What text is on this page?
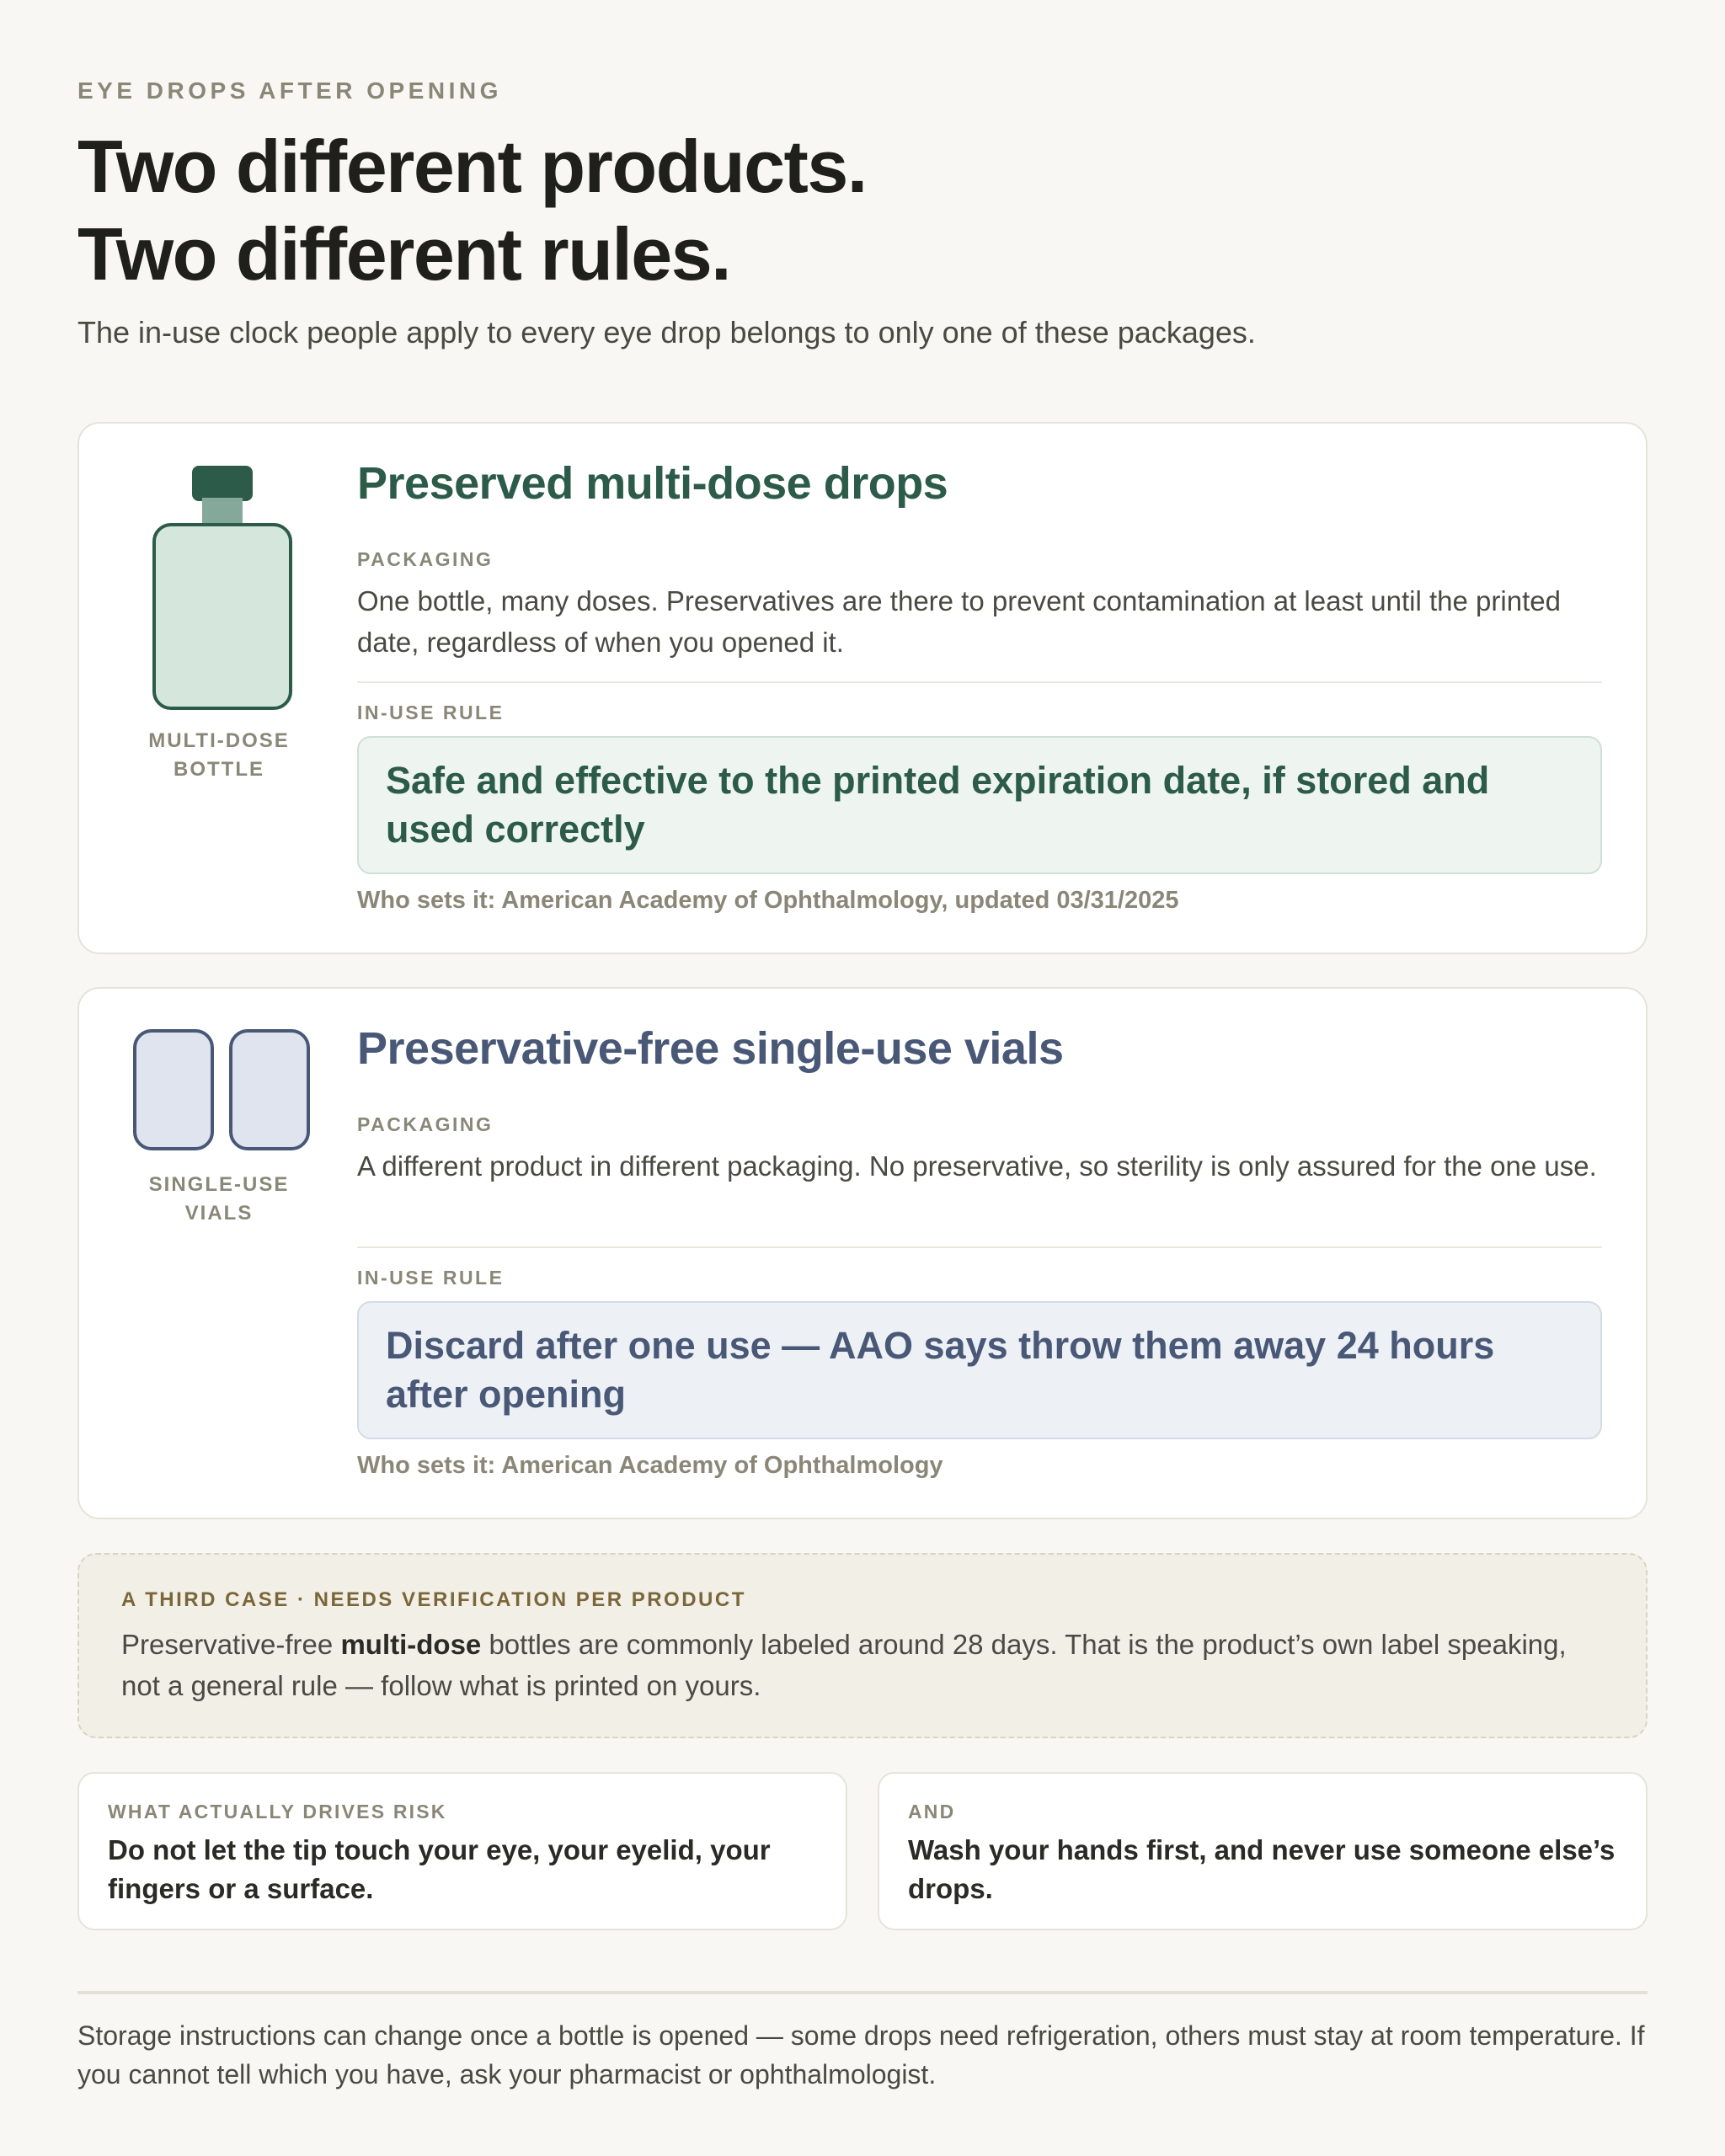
EYE DROPS AFTER OPENING
Two different products.
Two different rules.

The in-use clock people apply to every eye drop belongs to only one of these packages.

MULTI-DOSE
BOTTLE
Preserved multi-dose drops
PACKAGING

One bottle, many doses. Preservatives are there to prevent contamination at least until the printed date, regardless of when you opened it.

IN-USE RULE
Safe and effective to the printed expiration date, if stored and used correctly
Who sets it: American Academy of Ophthalmology, updated 03/31/2025
SINGLE-USE
VIALS
Preservative-free single-use vials
PACKAGING

A different product in different packaging. No preservative, so sterility is only assured for the one use.

IN-USE RULE
Discard after one use — AAO says throw them away 24 hours after opening
Who sets it: American Academy of Ophthalmology
A THIRD CASE · NEEDS VERIFICATION PER PRODUCT

Preservative-free multi-dose bottles are commonly labeled around 28 days. That is the product’s own label speaking, not a general rule — follow what is printed on yours.

WHAT ACTUALLY DRIVES RISK

Do not let the tip touch your eye, your eyelid, your fingers or a surface.

AND

Wash your hands first, and never use someone else’s drops.

Storage instructions can change once a bottle is opened — some drops need refrigeration, others must stay at room temperature. If you cannot tell which you have, ask your pharmacist or ophthalmologist.
